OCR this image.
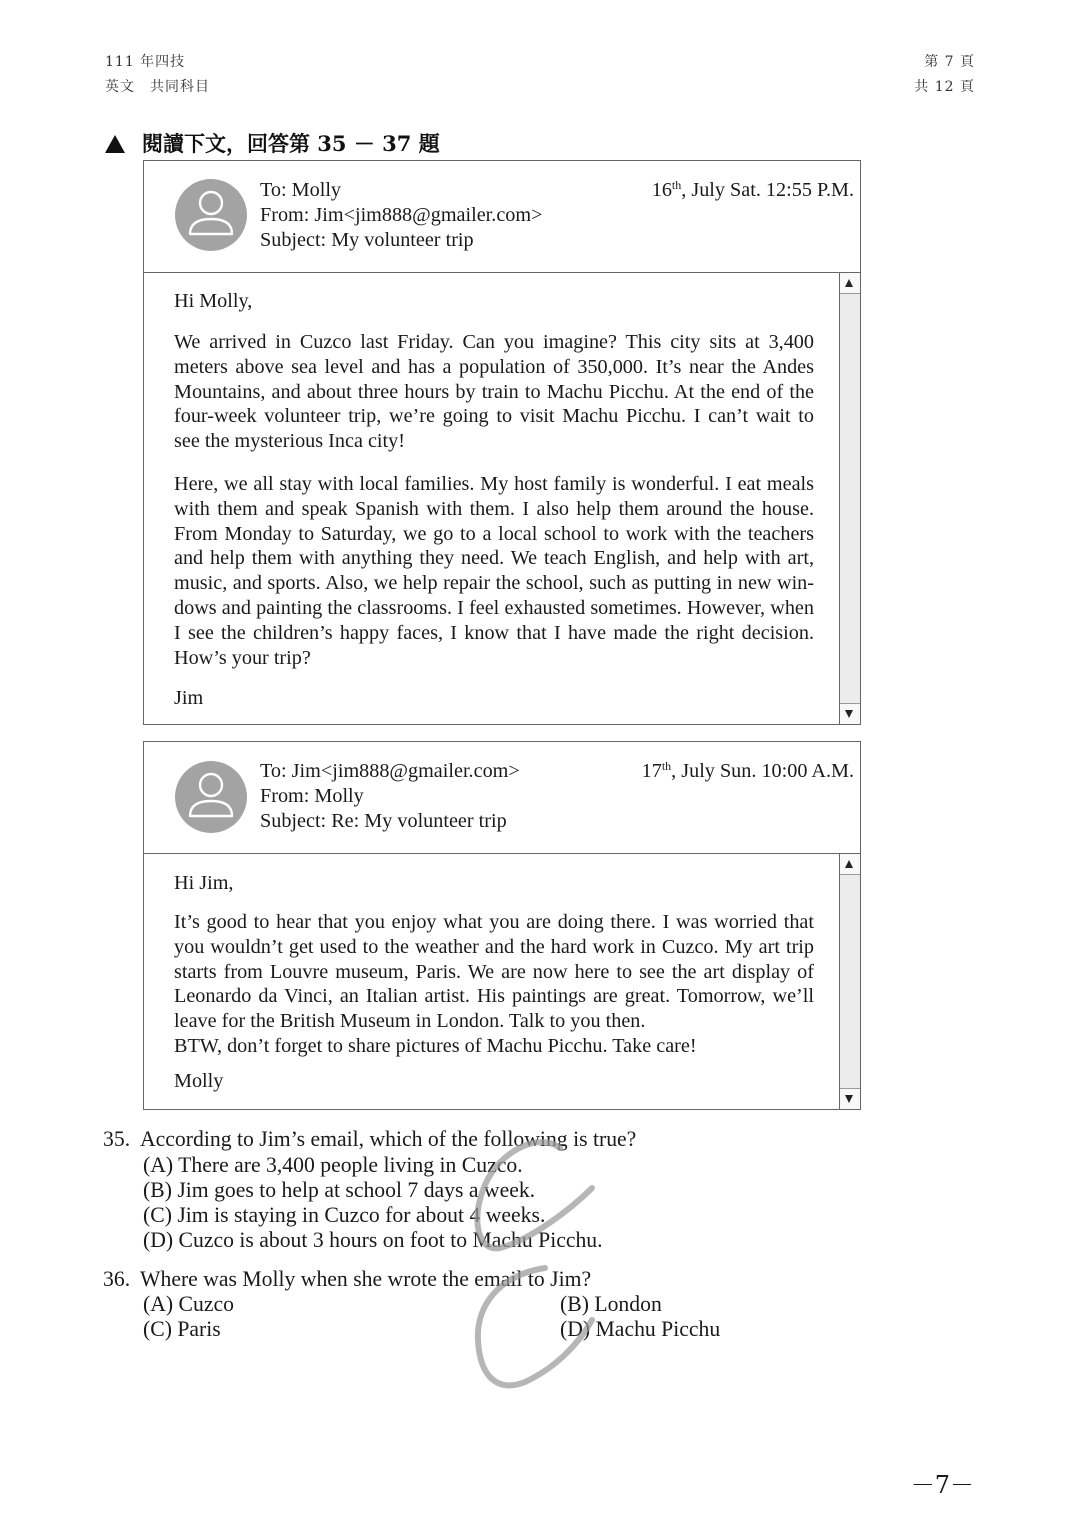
111 年四技
英文　共同科目
第 7 頁
共 12 頁
閱讀下文，回答第 35 － 37 題
To: Molly
From: Jim<jim888@gmailer.com>
Subject: My volunteer trip
16th, July Sat. 12:55 P.M.
Hi Molly,
We arrived in Cuzco last Friday. Can you imagine? This city sits at 3,400
meters above sea level and has a population of 350,000. It’s near the Andes
Mountains, and about three hours by train to Machu Picchu. At the end of the
four-week volunteer trip, we’re going to visit Machu Picchu. I can’t wait to
see the mysterious Inca city!
Here, we all stay with local families. My host family is wonderful. I eat meals
with them and speak Spanish with them. I also help them around the house.
From Monday to Saturday, we go to a local school to work with the teachers
and help them with anything they need. We teach English, and help with art,
music, and sports. Also, we help repair the school, such as putting in new win-
dows and painting the classrooms. I feel exhausted sometimes. However, when
I see the children’s happy faces, I know that I have made the right decision.
How’s your trip?
Jim
To: Jim<jim888@gmailer.com>
From: Molly
Subject: Re: My volunteer trip
17th, July Sun. 10:00 A.M.
Hi Jim,
It’s good to hear that you enjoy what you are doing there. I was worried that
you wouldn’t get used to the weather and the hard work in Cuzco. My art trip
starts from Louvre museum, Paris. We are now here to see the art display of
Leonardo da Vinci, an Italian artist. His paintings are great. Tomorrow, we’ll
leave for the British Museum in London. Talk to you then.
BTW, don’t forget to share pictures of Machu Picchu. Take care!
Molly
35. According to Jim’s email, which of the following is true?
(A) There are 3,400 people living in Cuzco.
(B) Jim goes to help at school 7 days a week.
(C) Jim is staying in Cuzco for about 4 weeks.
(D) Cuzco is about 3 hours on foot to Machu Picchu.
36. Where was Molly when she wrote the email to Jim?
(A) Cuzco	(B) London
(C) Paris	(D) Machu Picchu
－7－
